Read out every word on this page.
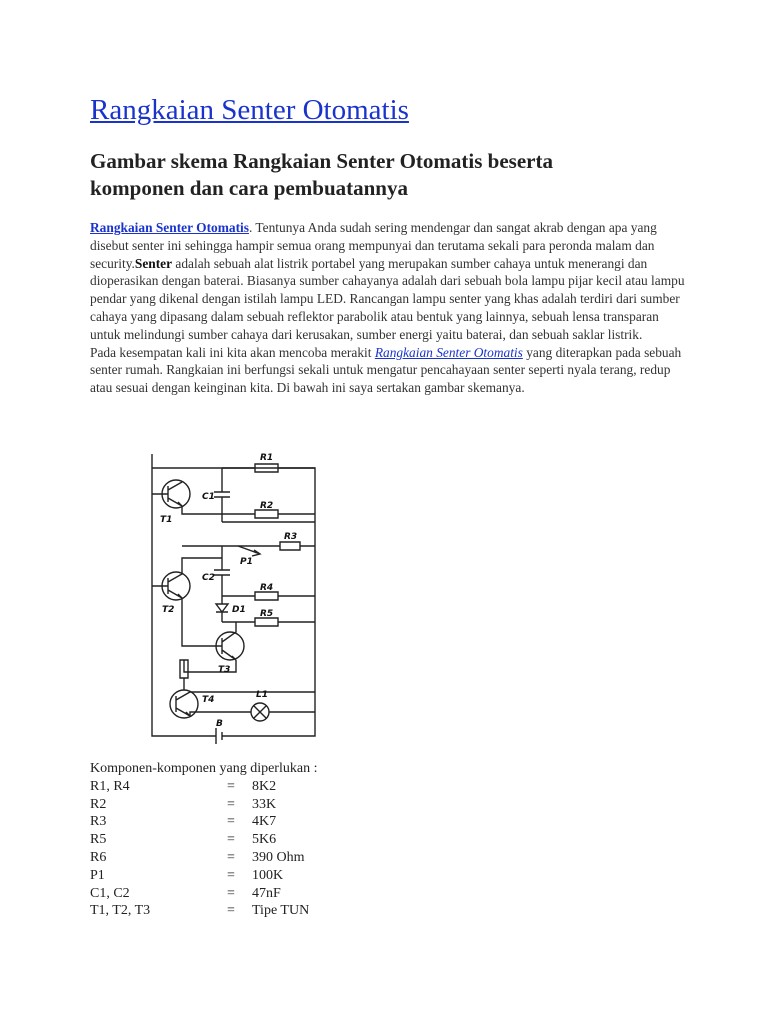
Rangkaian Senter Otomatis
Gambar skema Rangkaian Senter Otomatis beserta komponen dan cara pembuatannya

Rangkaian Senter Otomatis. Tentunya Anda sudah sering mendengar dan sangat akrab dengan apa yang disebut senter ini sehingga hampir semua orang mempunyai dan terutama sekali para peronda malam dan security.Senter adalah sebuah alat listrik portabel yang merupakan sumber cahaya untuk menerangi dan dioperasikan dengan baterai. Biasanya sumber cahayanya adalah dari sebuah bola lampu pijar kecil atau lampu pendar yang dikenal dengan istilah lampu LED. Rancangan lampu senter yang khas adalah terdiri dari sumber cahaya yang dipasang dalam sebuah reflektor parabolik atau bentuk yang lainnya, sebuah lensa transparan untuk melindungi sumber cahaya dari kerusakan, sumber energi yaitu baterai, dan sebuah saklar listrik.

Pada kesempatan kali ini kita akan mencoba merakit Rangkaian Senter Otomatis yang diterapkan pada sebuah senter rumah. Rangkaian ini berfungsi sekali untuk mengatur pencahayaan senter seperti nyala terang, redup atau sesuai dengan keinginan kita. Di bawah ini saya sertakan gambar skemanya.

T1
C1
R1
R2
R3
P1
C2
T2
R4
D1 R5
T3
T4	L1
B

Komponen-komponen yang diperlukan :

R1, R4	= 8K2
R2	= 33K
R3	= 4K7
R5	= 5K6
R6	= 390 Ohm
P1	= 100K
C1, C2	= 47nF
T1, T2, T3	= Tipe TUN
